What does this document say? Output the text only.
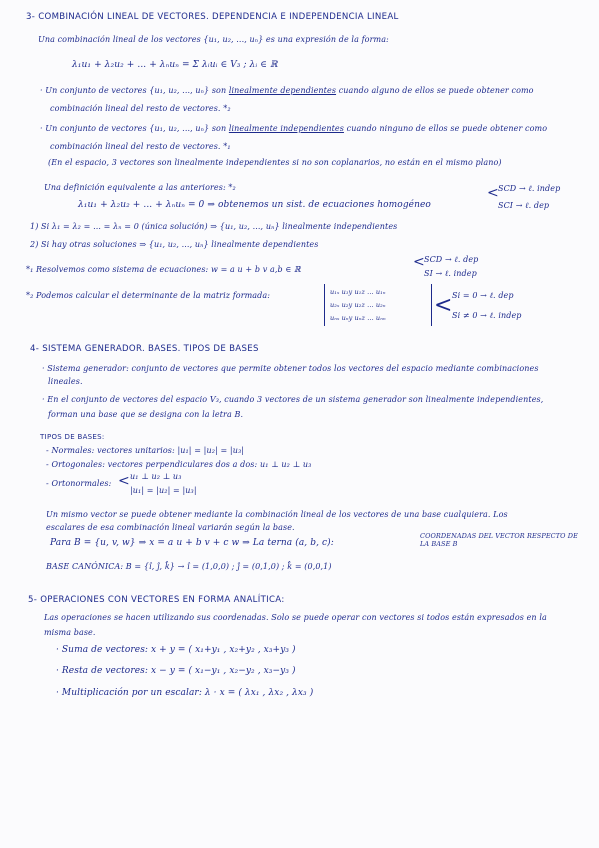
3- COMBINACIÓN LINEAL DE VECTORES. DEPENDENCIA E INDEPENDENCIA LINEAL
Una combinación lineal de los vectores {u₁, u₂, ..., uₙ} es una expresión de la forma:
λ₁u₁ + λ₂u₂ + ... + λₙuₙ = Σ λᵢuᵢ ∈ V₃ ; λᵢ ∈ ℝ
· Un conjunto de vectores {u₁, u₂, ..., uₙ} son linealmente dependientes cuando alguno de ellos se puede obtener como
combinación lineal del resto de vectores. *₂
· Un conjunto de vectores {u₁, u₂, ..., uₙ} son linealmente independientes cuando ninguno de ellos se puede obtener como
combinación lineal del resto de vectores. *₁
(En el espacio, 3 vectores son linealmente independientes si no son coplanarios, no están en el mismo plano)
Una definición equivalente a las anteriores: *₂
λ₁u₁ + λ₂u₂ + ... + λₙuₙ = 0 ⇒ obtenemos un sist. de ecuaciones homogéneo
< SCD → ℓ. indep
SCI → ℓ. dep
1) Si λ₁ = λ₂ = ... = λₙ = 0 (única solución) ⇒ {u₁, u₂, ..., uₙ} linealmente independientes
2) Si hay otras soluciones ⇒ {u₁, u₂, ..., uₙ} linealmente dependientes
*₁ Resolvemos como sistema de ecuaciones: w = a u + b v a,b ∈ ℝ	< SCD → ℓ. dep
SI → ℓ. indep
*₂ Podemos calcular el determinante de la matriz formada:	u₁ₓ u₁y u₁z ... u₁ₙ
u₂ₓ u₂y u₂z ... u₂ₙ
uₙₓ uₙy uₙz ... uₙₙ < Si = 0 → ℓ. dep
Si ≠ 0 → ℓ. indep
4- SISTEMA GENERADOR. BASES. TIPOS DE BASES
· Sistema generador: conjunto de vectores que permite obtener todos los vectores del espacio mediante combinaciones
lineales.
· En el conjunto de vectores del espacio V₃, cuando 3 vectores de un sistema generador son linealmente independientes,
forman una base que se designa con la letra B.
TIPOS DE BASES:
- Normales: vectores unitarios: |u₁| = |u₂| = |u₃|
- Ortogonales: vectores perpendiculares dos a dos: u₁ ⊥ u₂ ⊥ u₃
- Ortonormales: < u₁ ⊥ u₂ ⊥ u₃
|u₁| = |u₂| = |u₃|
Un mismo vector se puede obtener mediante la combinación lineal de los vectores de una base cualquiera. Los
escalares de esa combinación lineal variarán según la base.
Para B = {u, v, w} ⇒ x = a u + b v + c w ⇒ La terna (a, b, c):
COORDENADAS DEL VECTOR RESPECTO DE LA BASE B
BASE CANÓNICA: B = {î, ĵ, k̂} → î = (1,0,0) ; ĵ = (0,1,0) ; k̂ = (0,0,1)
5- OPERACIONES CON VECTORES EN FORMA ANALÍTICA:
Las operaciones se hacen utilizando sus coordenadas. Solo se puede operar con vectores si todos están expresados en la
misma base.
· Suma de vectores: x + y = ( x₁+y₁ , x₂+y₂ , x₃+y₃ )
· Resta de vectores: x − y = ( x₁−y₁ , x₂−y₂ , x₃−y₃ )
· Multiplicación por un escalar: λ · x = ( λx₁ , λx₂ , λx₃ )
